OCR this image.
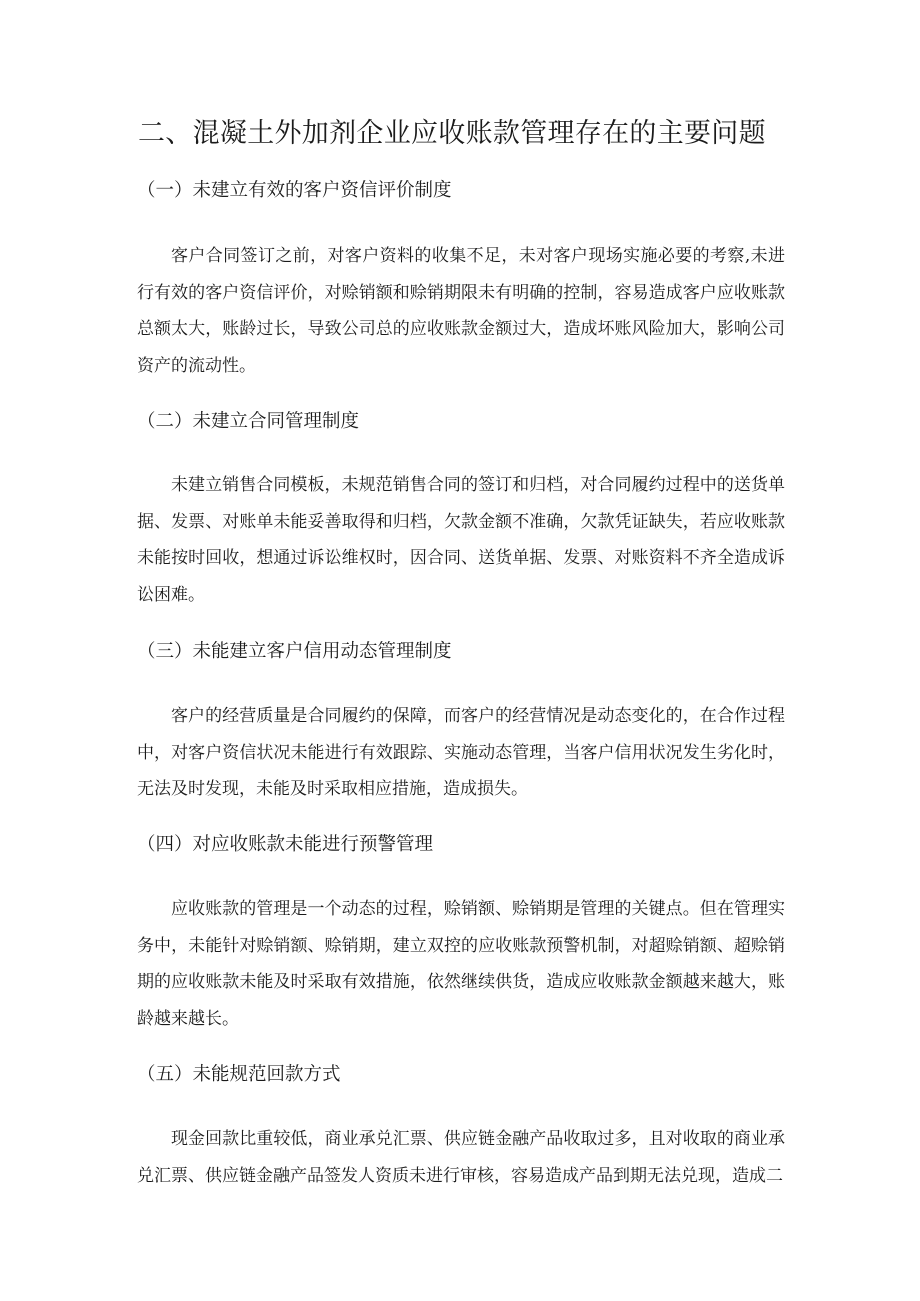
二、混凝土外加剂企业应收账款管理存在的主要问题
（一）未建立有效的客户资信评价制度

客户合同签订之前，对客户资料的收集不足，未对客户现场实施必要的考察,未进行有效的客户资信评价，对赊销额和赊销期限未有明确的控制，容易造成客户应收账款总额太大，账龄过长，导致公司总的应收账款金额过大，造成坏账风险加大，影响公司资产的流动性。

（二）未建立合同管理制度

未建立销售合同模板，未规范销售合同的签订和归档，对合同履约过程中的送货单据、发票、对账单未能妥善取得和归档，欠款金额不准确，欠款凭证缺失，若应收账款未能按时回收，想通过诉讼维权时，因合同、送货单据、发票、对账资料不齐全造成诉讼困难。

（三）未能建立客户信用动态管理制度

客户的经营质量是合同履约的保障，而客户的经营情况是动态变化的，在合作过程中，对客户资信状况未能进行有效跟踪、实施动态管理，当客户信用状况发生劣化时，无法及时发现，未能及时采取相应措施，造成损失。

（四）对应收账款未能进行预警管理

应收账款的管理是一个动态的过程，赊销额、赊销期是管理的关键点。但在管理实务中，未能针对赊销额、赊销期，建立双控的应收账款预警机制，对超赊销额、超赊销期的应收账款未能及时采取有效措施，依然继续供货，造成应收账款金额越来越大，账龄越来越长。

（五）未能规范回款方式

现金回款比重较低，商业承兑汇票、供应链金融产品收取过多，且对收取的商业承兑汇票、供应链金融产品签发人资质未进行审核，容易造成产品到期无法兑现，造成二
